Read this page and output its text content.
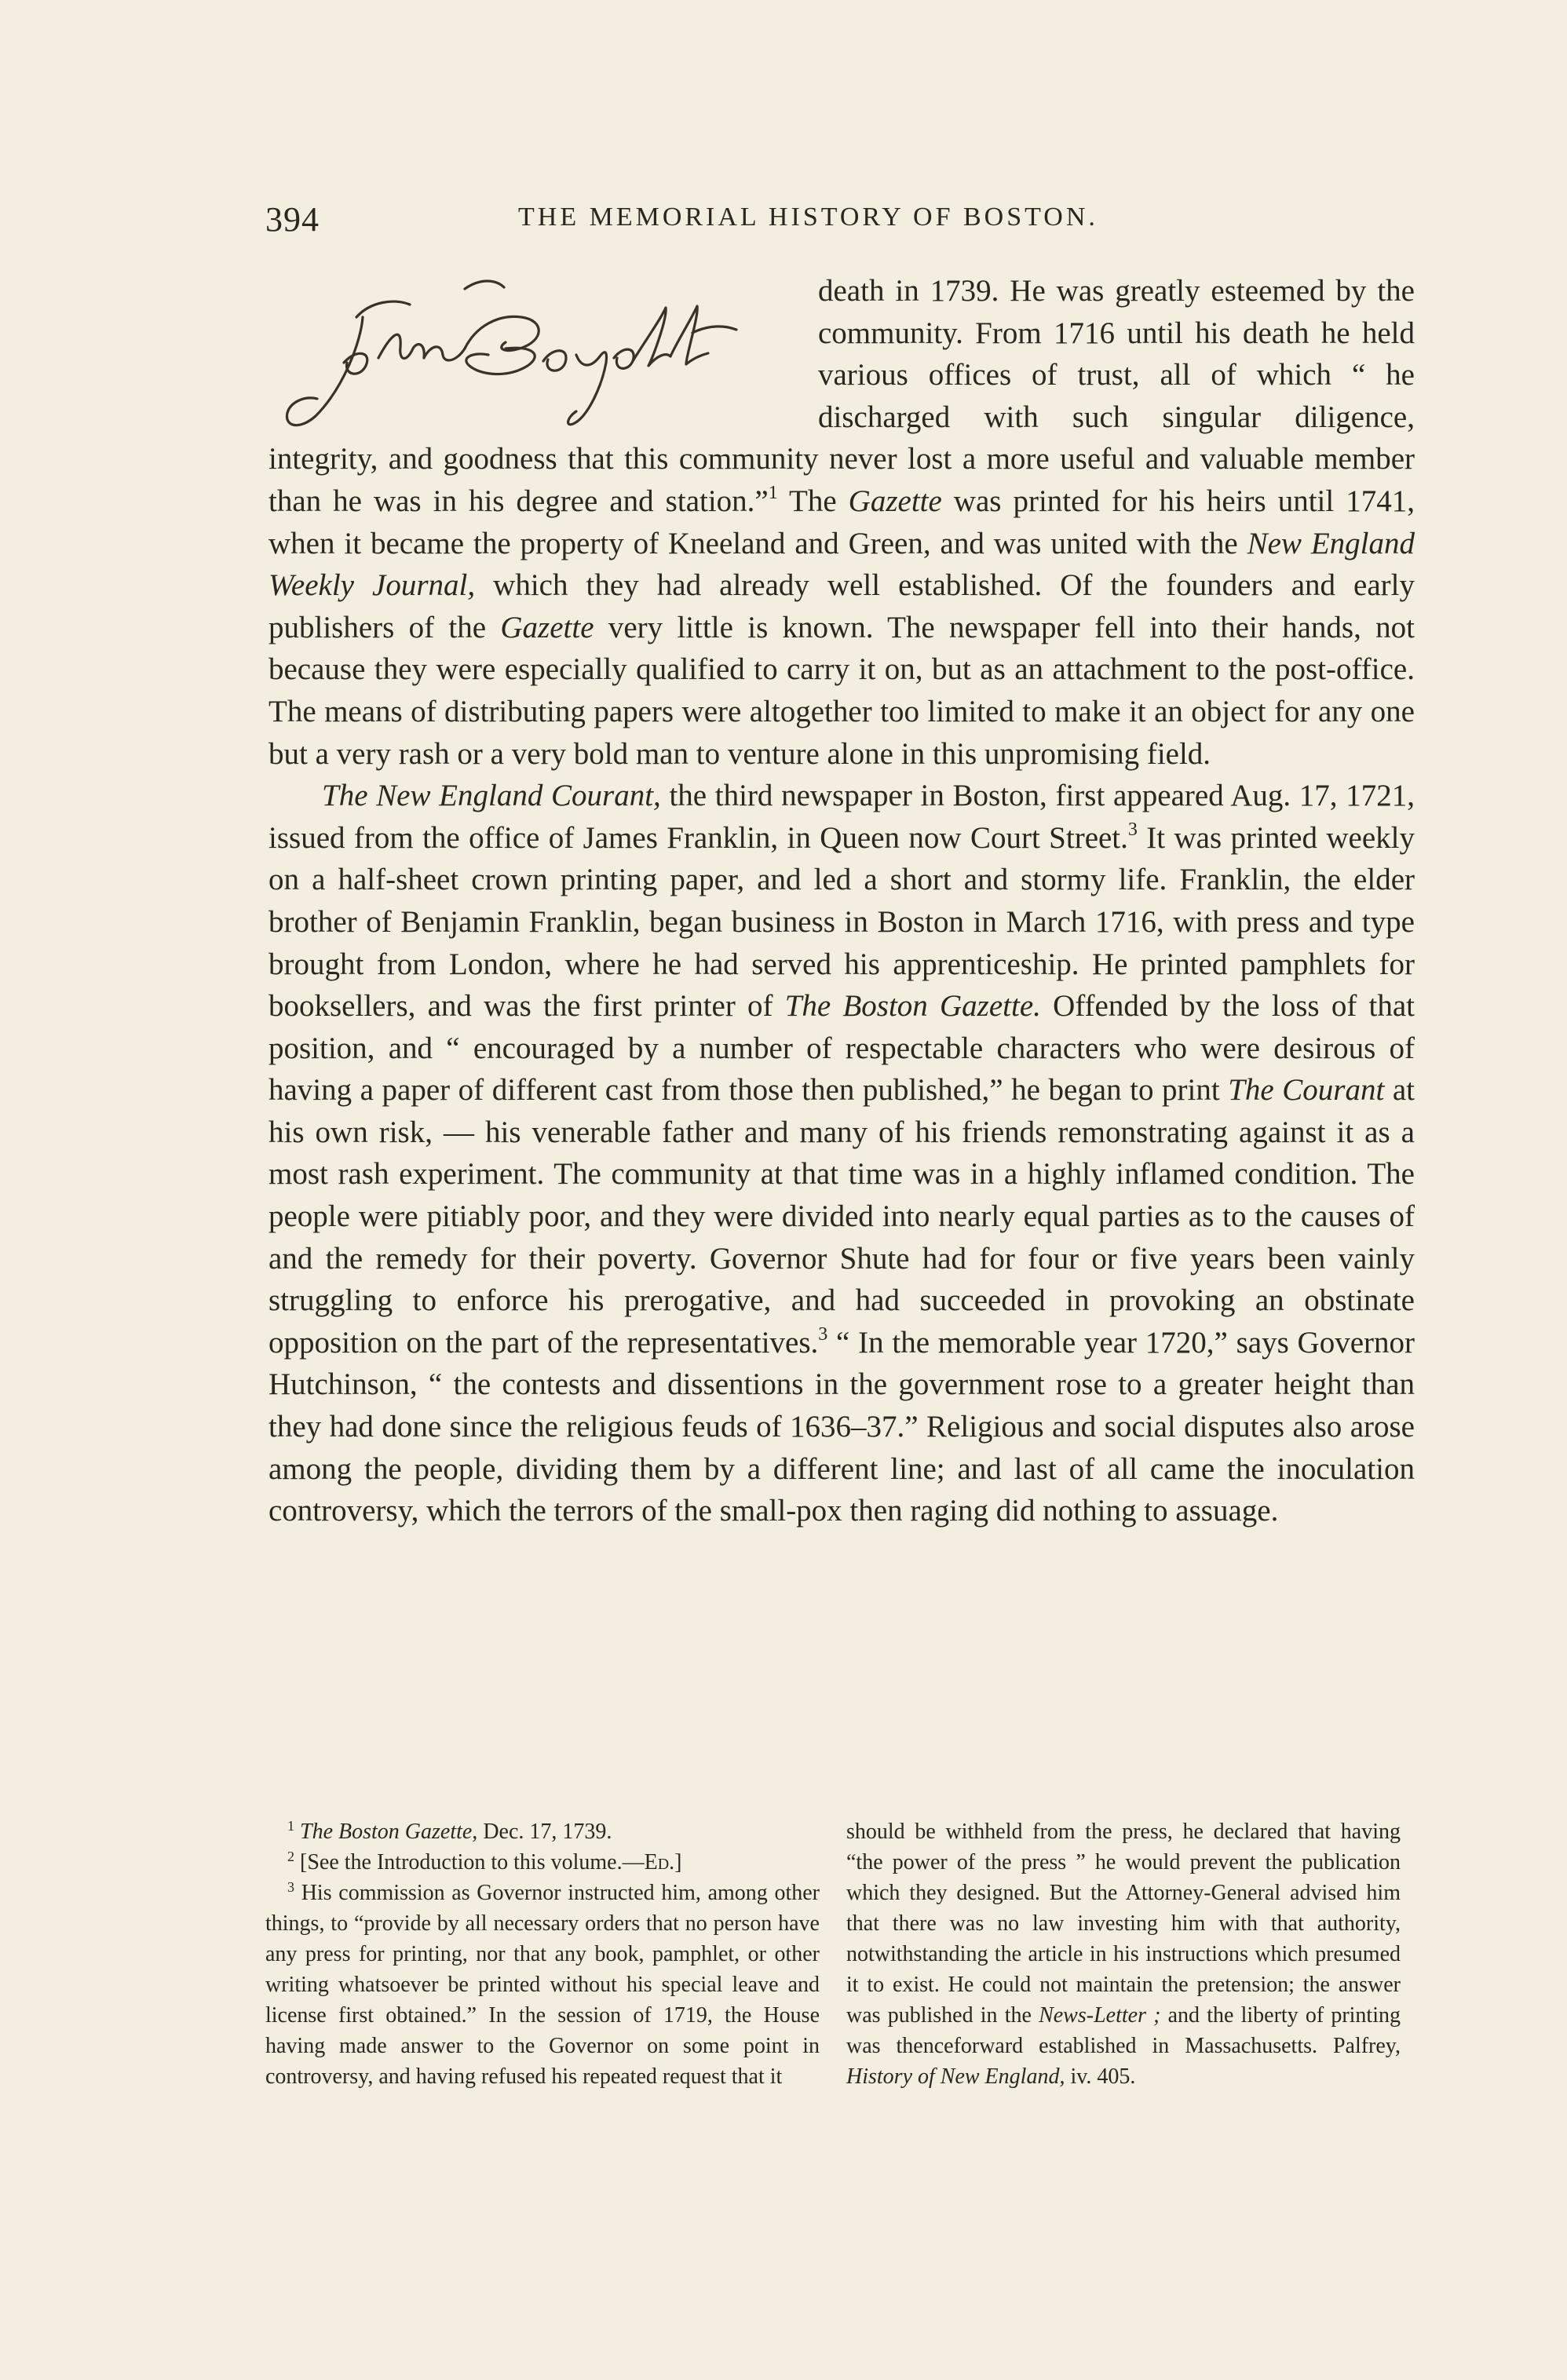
394	THE MEMORIAL HISTORY OF BOSTON.

death in 1739. He was greatly esteemed by the community. From 1716 until his death he held various offices of trust, all of which “ he discharged with such singular diligence, integrity, and goodness that this community never lost a more useful and valuable member than he was in his degree and station.”$^1$ The Gazette was printed for his heirs until 1741, when it became the property of Kneeland and Green, and was united with the New England Weekly Journal, which they had already well established. Of the founders and early publishers of the Gazette very little is known. The newspaper fell into their hands, not because they were especially qualified to carry it on, but as an attachment to the post-office. The means of distributing papers were altogether too limited to make it an object for any one but a very rash or a very bold man to venture alone in this unpromising field.

The New England Courant, the third newspaper in Boston, first appeared Aug. 17, 1721, issued from the office of James Franklin, in Queen now Court Street.$^3$ It was printed weekly on a half-sheet crown printing paper, and led a short and stormy life. Franklin, the elder brother of Benjamin Franklin, began business in Boston in March 1716, with press and type brought from London, where he had served his apprenticeship. He printed pamphlets for booksellers, and was the first printer of The Boston Gazette. Offended by the loss of that position, and “ encouraged by a number of respectable characters who were desirous of having a paper of different cast from those then published,” he began to print The Courant at his own risk, — his venerable father and many of his friends remonstrating against it as a most rash experiment. The community at that time was in a highly inflamed condition. The people were pitiably poor, and they were divided into nearly equal parties as to the causes of and the remedy for their poverty. Governor Shute had for four or five years been vainly struggling to enforce his prerogative, and had succeeded in provoking an obstinate opposition on the part of the representatives.$^3$ “ In the memorable year 1720,” says Governor Hutchinson, “ the contests and dissentions in the government rose to a greater height than they had done since the religious feuds of 1636–37.” Religious and social disputes also arose among the people, dividing them by a different line; and last of all came the inoculation controversy, which the terrors of the small-pox then raging did nothing to assuage.

$^1$ The Boston Gazette, Dec. 17, 1739.

$^2$ [See the Introduction to this volume.—Ed.]

$^3$ His commission as Governor instructed him, among other things, to “provide by all necessary orders that no person have any press for printing, nor that any book, pamphlet, or other writing whatsoever be printed without his special leave and license first obtained.” In the session of 1719, the House having made answer to the Governor on some point in controversy, and having refused his repeated request that it

should be withheld from the press, he declared that having “the power of the press ” he would prevent the publication which they designed. But the Attorney-General advised him that there was no law investing him with that authority, notwithstanding the article in his instructions which presumed it to exist. He could not maintain the pretension; the answer was published in the News-Letter ; and the liberty of printing was thenceforward established in Massachusetts. Palfrey, History of New England, iv. 405.
